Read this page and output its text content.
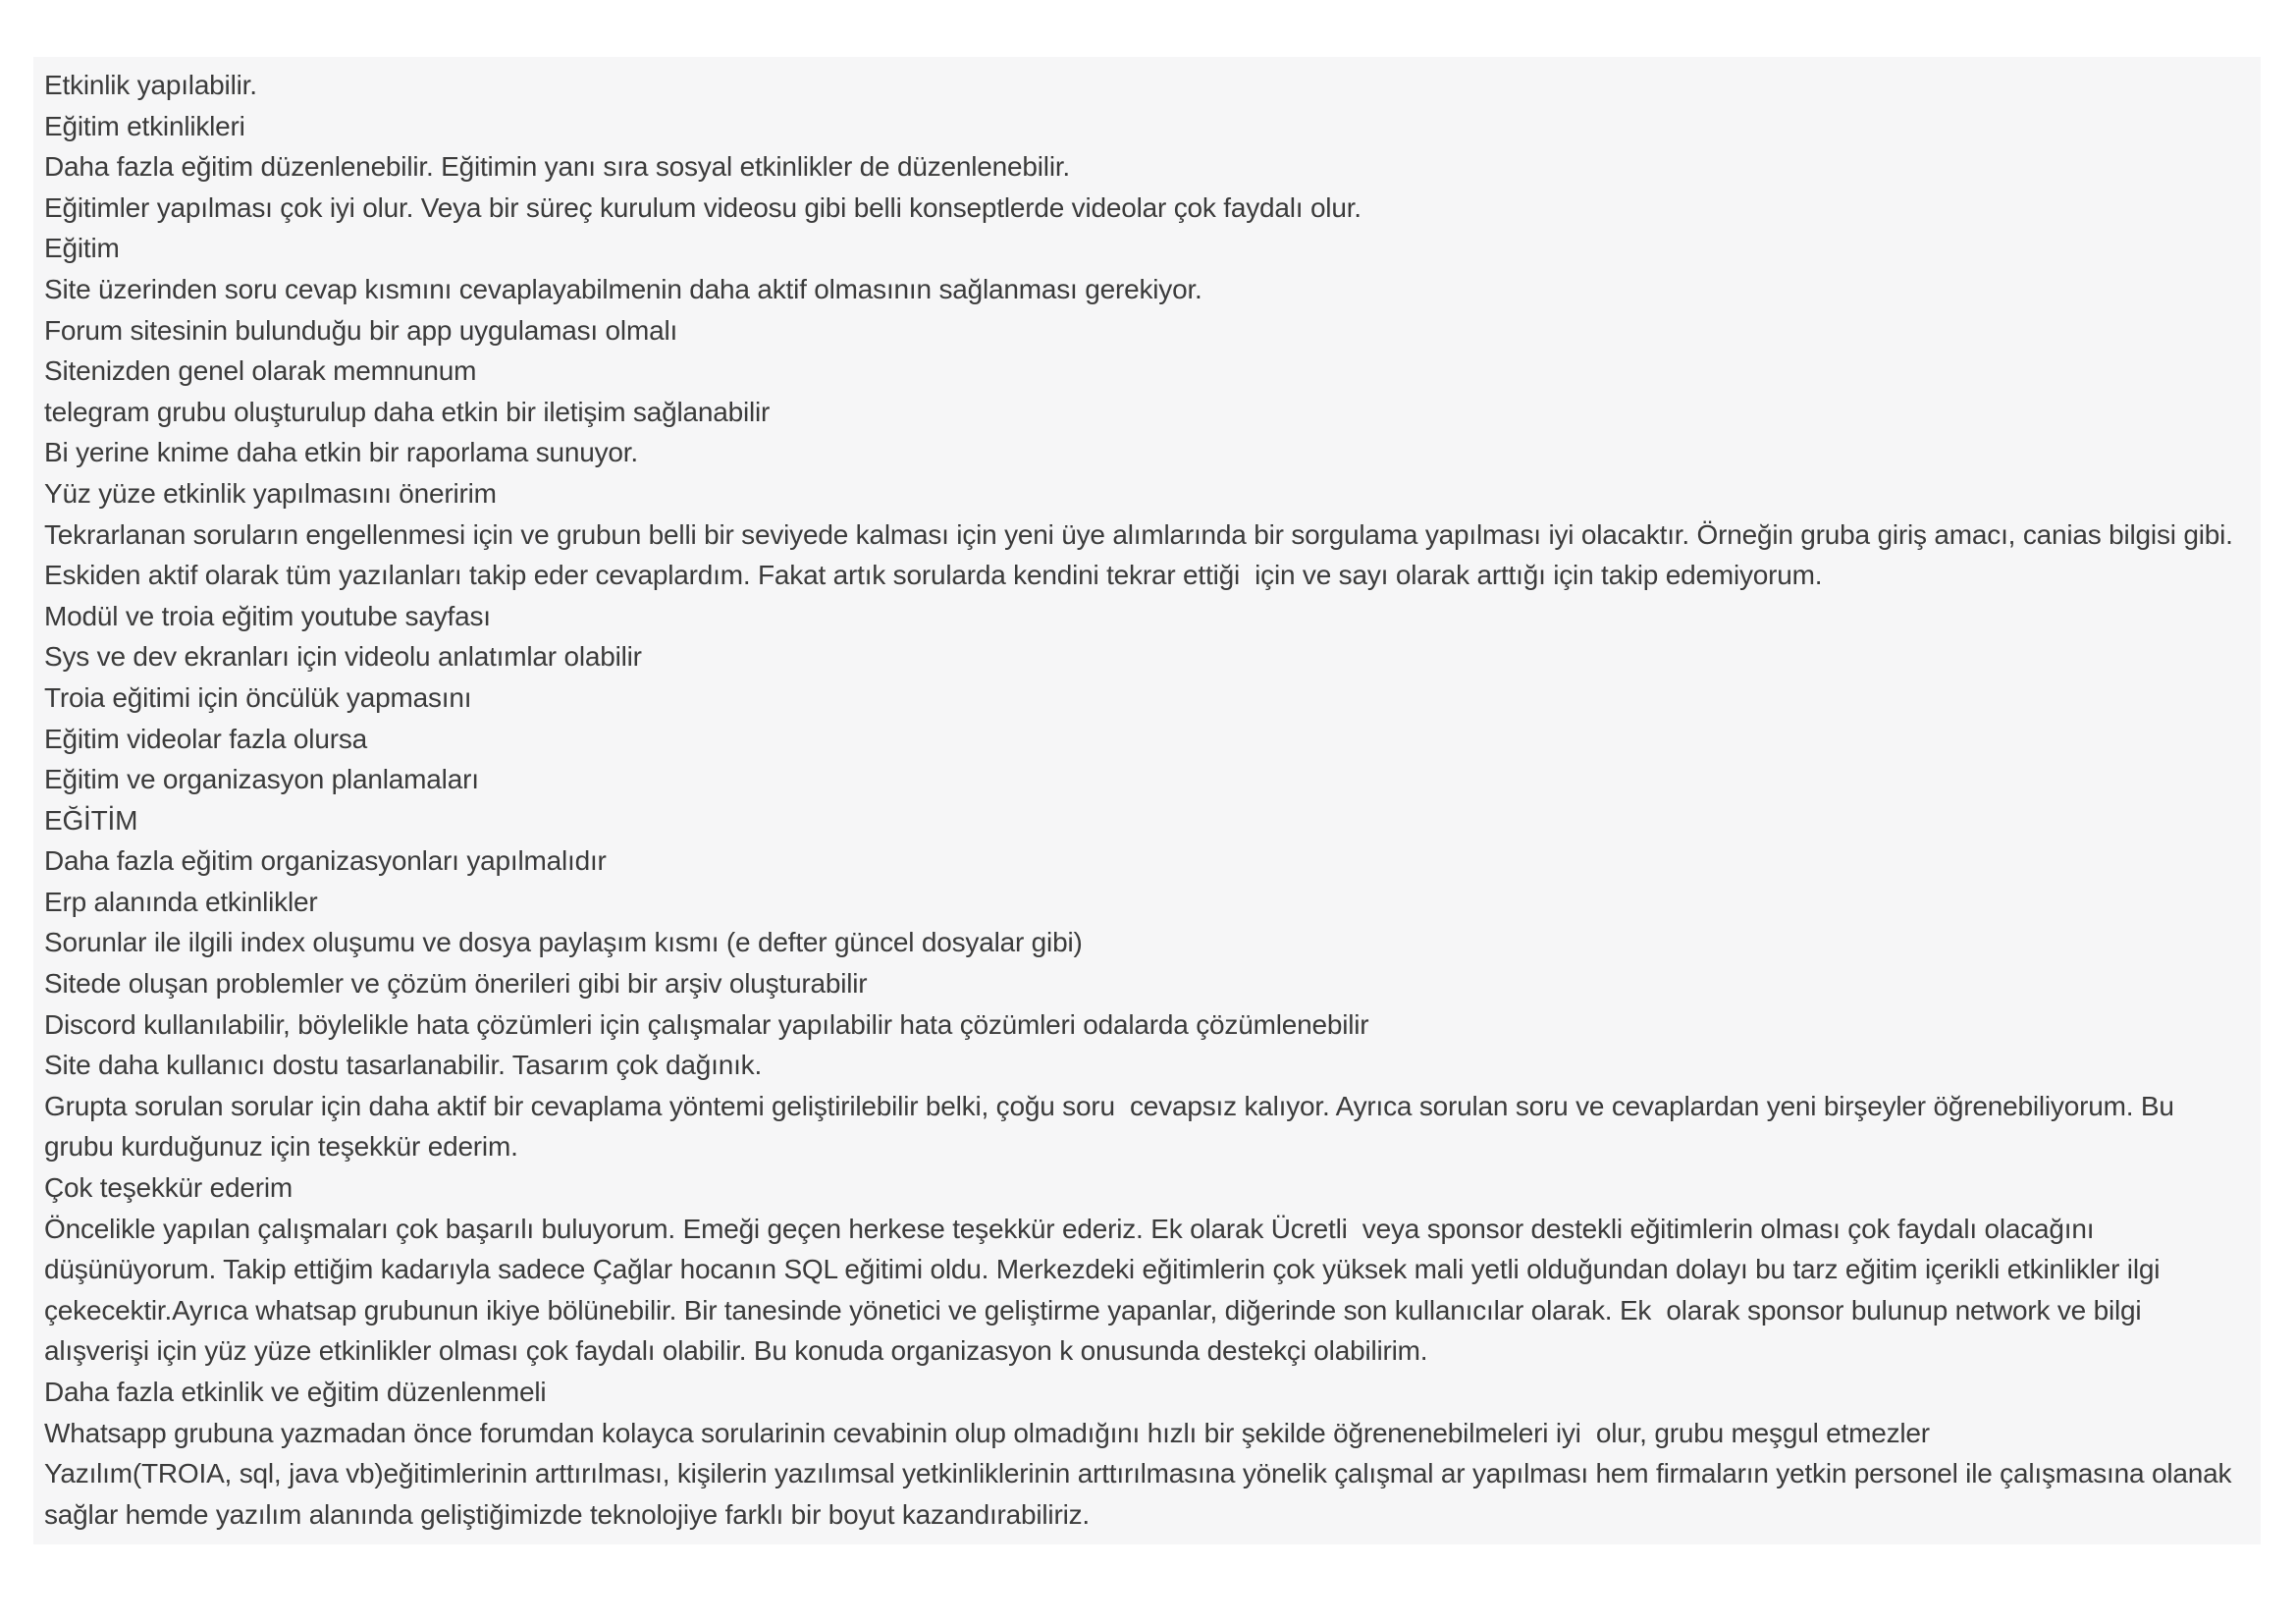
Etkinlik yapılabilir.
Eğitim etkinlikleri
Daha fazla eğitim düzenlenebilir. Eğitimin yanı sıra sosyal etkinlikler de düzenlenebilir.
Eğitimler yapılması çok iyi olur. Veya bir süreç kurulum videosu gibi belli konseptlerde videolar çok faydalı olur.
Eğitim
Site üzerinden soru cevap kısmını cevaplayabilmenin daha aktif olmasının sağlanması gerekiyor.
Forum sitesinin bulunduğu bir app uygulaması olmalı
Sitenizden genel olarak memnunum
telegram grubu oluşturulup daha etkin bir iletişim sağlanabilir
Bi yerine knime daha etkin bir raporlama sunuyor.
Yüz yüze etkinlik yapılmasını öneririm
Tekrarlanan soruların engellenmesi için ve grubun belli bir seviyede kalması için yeni üye alımlarında bir sorgulama yapılması iyi olacaktır. Örneğin gruba giriş amacı, canias bilgisi gibi. Eskiden aktif olarak tüm yazılanları takip eder cevaplardım. Fakat artık sorularda kendini tekrar ettiği  için ve sayı olarak arttığı için takip edemiyorum.
Modül ve troia eğitim youtube sayfası
Sys ve dev ekranları için videolu anlatımlar olabilir
Troia eğitimi için öncülük yapmasını
Eğitim videolar fazla olursa
Eğitim ve organizasyon planlamaları
EĞİTİM
Daha fazla eğitim organizasyonları yapılmalıdır
Erp alanında etkinlikler
Sorunlar ile ilgili index oluşumu ve dosya paylaşım kısmı (e defter güncel dosyalar gibi)
Sitede oluşan problemler ve çözüm önerileri gibi bir arşiv oluşturabilir
Discord kullanılabilir, böylelikle hata çözümleri için çalışmalar yapılabilir hata çözümleri odalarda çözümlenebilir
Site daha kullanıcı dostu tasarlanabilir. Tasarım çok dağınık.
Grupta sorulan sorular için daha aktif bir cevaplama yöntemi geliştirilebilir belki, çoğu soru  cevapsız kalıyor. Ayrıca sorulan soru ve cevaplardan yeni birşeyler öğrenebiliyorum. Bu grubu kurduğunuz için teşekkür ederim.
Çok teşekkür ederim
Öncelikle yapılan çalışmaları çok başarılı buluyorum. Emeği geçen herkese teşekkür ederiz. Ek olarak Ücretli  veya sponsor destekli eğitimlerin olması çok faydalı olacağını düşünüyorum. Takip ettiğim kadarıyla sadece Çağlar hocanın SQL eğitimi oldu. Merkezdeki eğitimlerin çok yüksek mali yetli olduğundan dolayı bu tarz eğitim içerikli etkinlikler ilgi çekecektir.Ayrıca whatsap grubunun ikiye bölünebilir. Bir tanesinde yönetici ve geliştirme yapanlar, diğerinde son kullanıcılar olarak. Ek  olarak sponsor bulunup network ve bilgi alışverişi için yüz yüze etkinlikler olması çok faydalı olabilir. Bu konuda organizasyon k onusunda destekçi olabilirim.
Daha fazla etkinlik ve eğitim düzenlenmeli
Whatsapp grubuna yazmadan önce forumdan kolayca sorularinin cevabinin olup olmadığını hızlı bir şekilde öğrenenebilmeleri iyi  olur, grubu meşgul etmezler
Yazılım(TROIA, sql, java vb)eğitimlerinin arttırılması, kişilerin yazılımsal yetkinliklerinin arttırılmasına yönelik çalışmal ar yapılması hem firmaların yetkin personel ile çalışmasına olanak sağlar hemde yazılım alanında geliştiğimizde teknolojiye farklı bir boyut kazandırabiliriz.
